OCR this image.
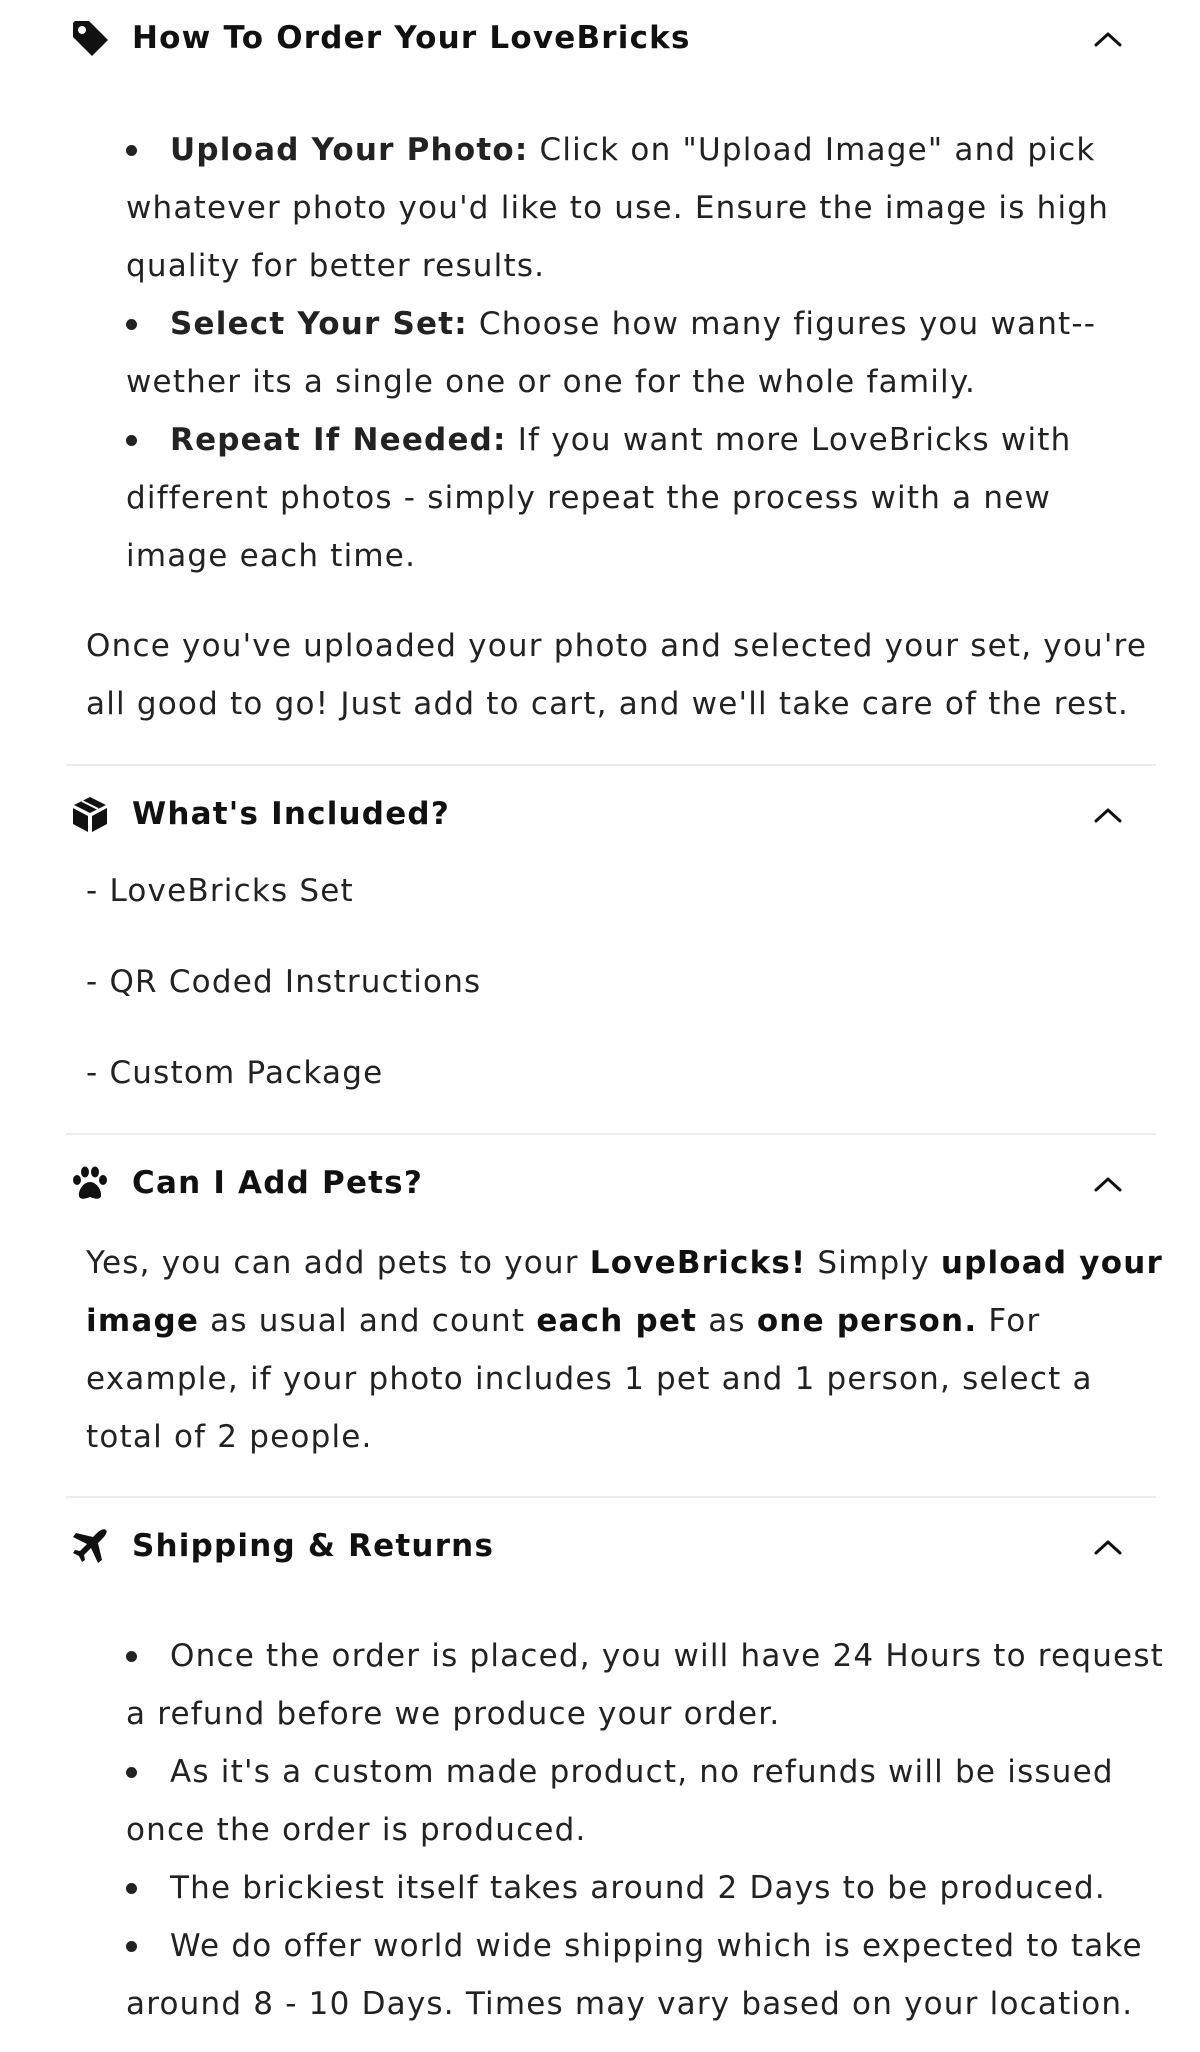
How To Order Your LoveBricks
Upload Your Photo: Click on "Upload Image" and pick
whatever photo you'd like to use. Ensure the image is high
quality for better results.
Select Your Set: Choose how many figures you want--
wether its a single one or one for the whole family.
Repeat If Needed: If you want more LoveBricks with
different photos - simply repeat the process with a new
image each time.
Once you've uploaded your photo and selected your set, you're
all good to go! Just add to cart, and we'll take care of the rest.
What's Included?
- LoveBricks Set
- QR Coded Instructions
- Custom Package
Can I Add Pets?
Yes, you can add pets to your LoveBricks! Simply upload your
image as usual and count each pet as one person. For
example, if your photo includes 1 pet and 1 person, select a
total of 2 people.
Shipping & Returns
Once the order is placed, you will have 24 Hours to request
a refund before we produce your order.
As it's a custom made product, no refunds will be issued
once the order is produced.
The brickiest itself takes around 2 Days to be produced.
We do offer world wide shipping which is expected to take
around 8 - 10 Days. Times may vary based on your location.
